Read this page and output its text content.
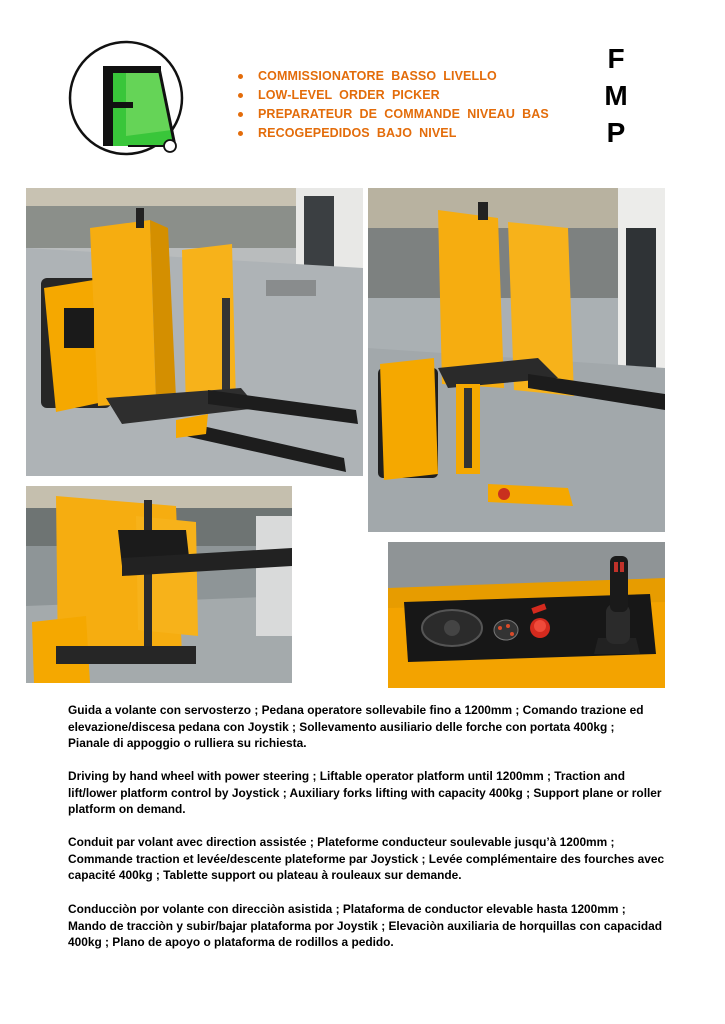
COMMISSIONATORE  BASSO  LIVELLO
LOW-LEVEL  ORDER  PICKER
PREPARATEUR  DE  COMMANDE  NIVEAU  BAS
RECOGEPEDIDOS  BAJO  NIVEL
F
M
P

Guida a volante con servosterzo ; Pedana operatore sollevabile fino a 1200mm ; Comando trazione ed
elevazione/discesa pedana con Joystik ; Sollevamento ausiliario delle forche con portata 400kg ;
Pianale di appoggio o rulliera su richiesta.

Driving by hand wheel with power steering ; Liftable operator platform until 1200mm ; Traction and
lift/lower platform control by Joystick ; Auxiliary forks lifting with capacity 400kg ; Support plane or roller
platform on demand.

Conduit par volant avec direction assistée ; Plateforme conducteur soulevable jusqu’à 1200mm ;
Commande traction et levée/descente plateforme par Joystick ; Levée complémentaire des fourches avec
capacité 400kg ; Tablette support ou plateau à rouleaux sur demande.

Conducciòn por volante con direcciòn asistida ; Plataforma de conductor elevable hasta 1200mm ;
Mando de tracciòn y subir/bajar plataforma por Joystik ; Elevaciòn auxiliaria de horquillas con capacidad
400kg ; Plano de apoyo o plataforma de rodillos a pedido.
